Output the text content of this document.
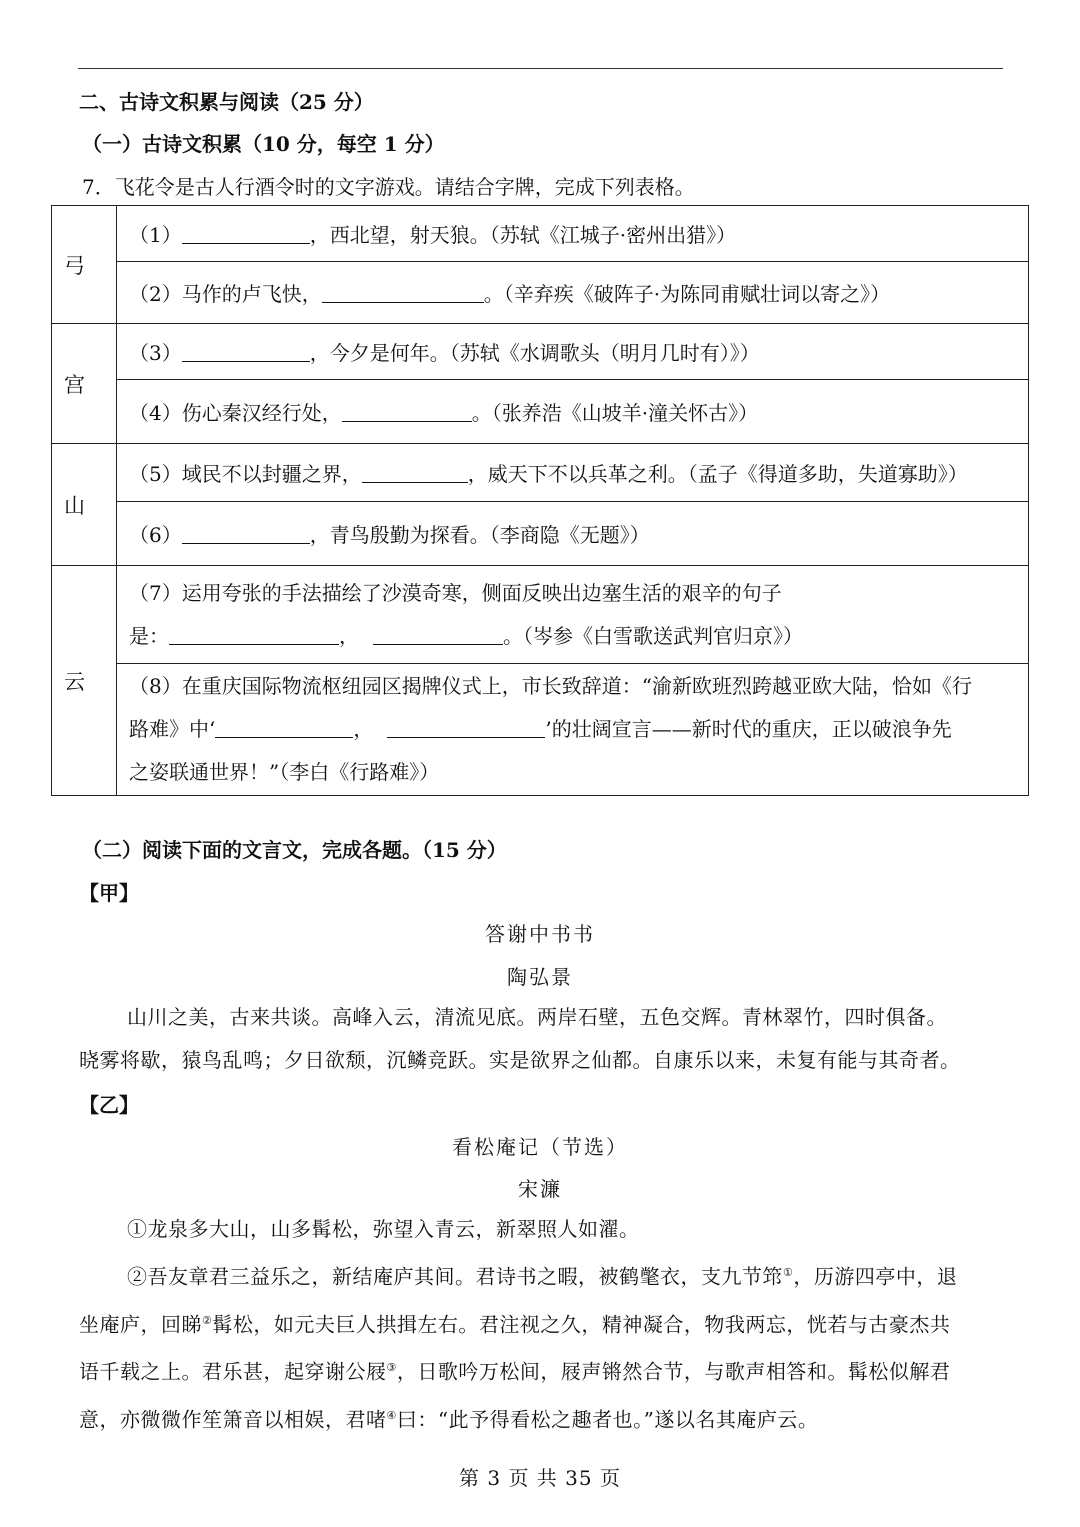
二、古诗文积累与阅读（25 分）
（一）古诗文积累（10 分，每空 1 分）
7．飞花令是古人行酒令时的文字游戏。请结合字牌，完成下列表格。
弓	（1） ，西北望，射天狼。（苏轼《江城子·密州出猎》）
	（2）马作的卢飞快， 。（辛弃疾《破阵子·为陈同甫赋壮词以寄之》）
宫	（3） ，今夕是何年。（苏轼《水调歌头（明月几时有）》）
	（4）伤心秦汉经行处， 。（张养浩《山坡羊·潼关怀古》）
山	（5）域民不以封疆之界， ，威天下不以兵革之利。（孟子《得道多助，失道寡助》）
	（6） ，青鸟殷勤为探看。（李商隐《无题》）
云	（7）运用夸张的手法描绘了沙漠奇寒，侧面反映出边塞生活的艰辛的句子
是： ， 。（岑参《白雪歌送武判官归京》）

	（8）在重庆国际物流枢纽园区揭牌仪式上，市长致辞道：“渝新欧班烈跨越亚欧大陆，恰如《行
路难》中‘ ， ’的壮阔宣言——新时代的重庆，正以破浪争先
之姿联通世界！”（李白《行路难》）
（二）阅读下面的文言文，完成各题。（15 分）
【甲】
答谢中书书
陶弘景
山川之美，古来共谈。高峰入云，清流见底。两岸石壁，五色交辉。青林翠竹，四时俱备。
晓雾将歇，猿鸟乱鸣；夕日欲颓，沉鳞竞跃。实是欲界之仙都。自康乐以来，未复有能与其奇者。
【乙】
看松庵记（节选）
宋濂
①龙泉多大山，山多髯松，弥望入青云，新翠照人如濯。
②吾友章君三益乐之，新结庵庐其间。君诗书之暇，被鹤氅衣，支九节筇①，历游四亭中，退
坐庵庐，回睇②髯松，如元夫巨人拱揖左右。君注视之久，精神凝合，物我两忘，恍若与古豪杰共
语千载之上。君乐甚，起穿谢公屐③，日歌吟万松间，屐声锵然合节，与歌声相答和。髯松似解君
意，亦微微作笙箫音以相娱，君啫④曰：“此予得看松之趣者也。”遂以名其庵庐云。
第 3 页 共 35 页
